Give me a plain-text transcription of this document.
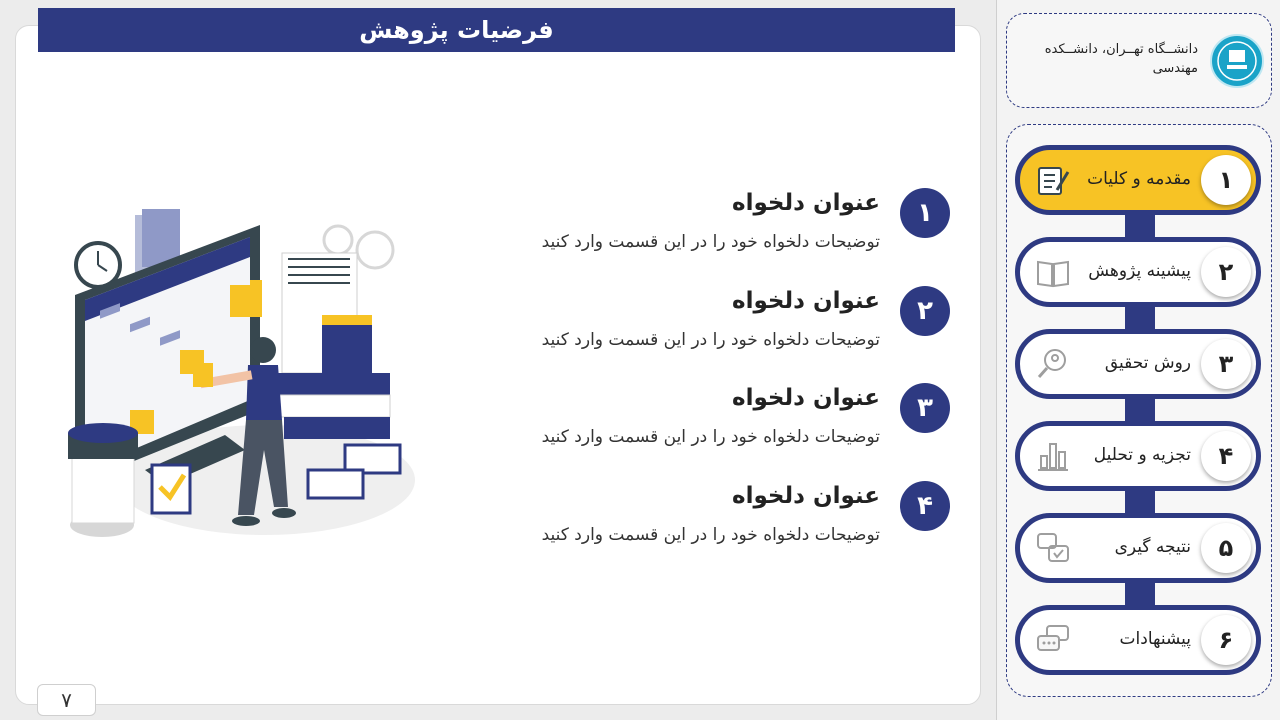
فرضیات پژوهش
۱
عنوان دلخواه
توضیحات دلخواه خود را در این قسمت وارد کنید
۲
عنوان دلخواه
توضیحات دلخواه خود را در این قسمت وارد کنید
۳
عنوان دلخواه
توضیحات دلخواه خود را در این قسمت وارد کنید
۴
عنوان دلخواه
توضیحات دلخواه خود را در این قسمت وارد کنید
۷
دانشــگاه تهــران، دانشــکده مهندسی
۱
مقدمه و کلیات
۲
پیشینه پژوهش
۳
روش تحقیق
۴
تجزیه و تحلیل
۵
نتیجه گیری
۶
پیشنهادات
